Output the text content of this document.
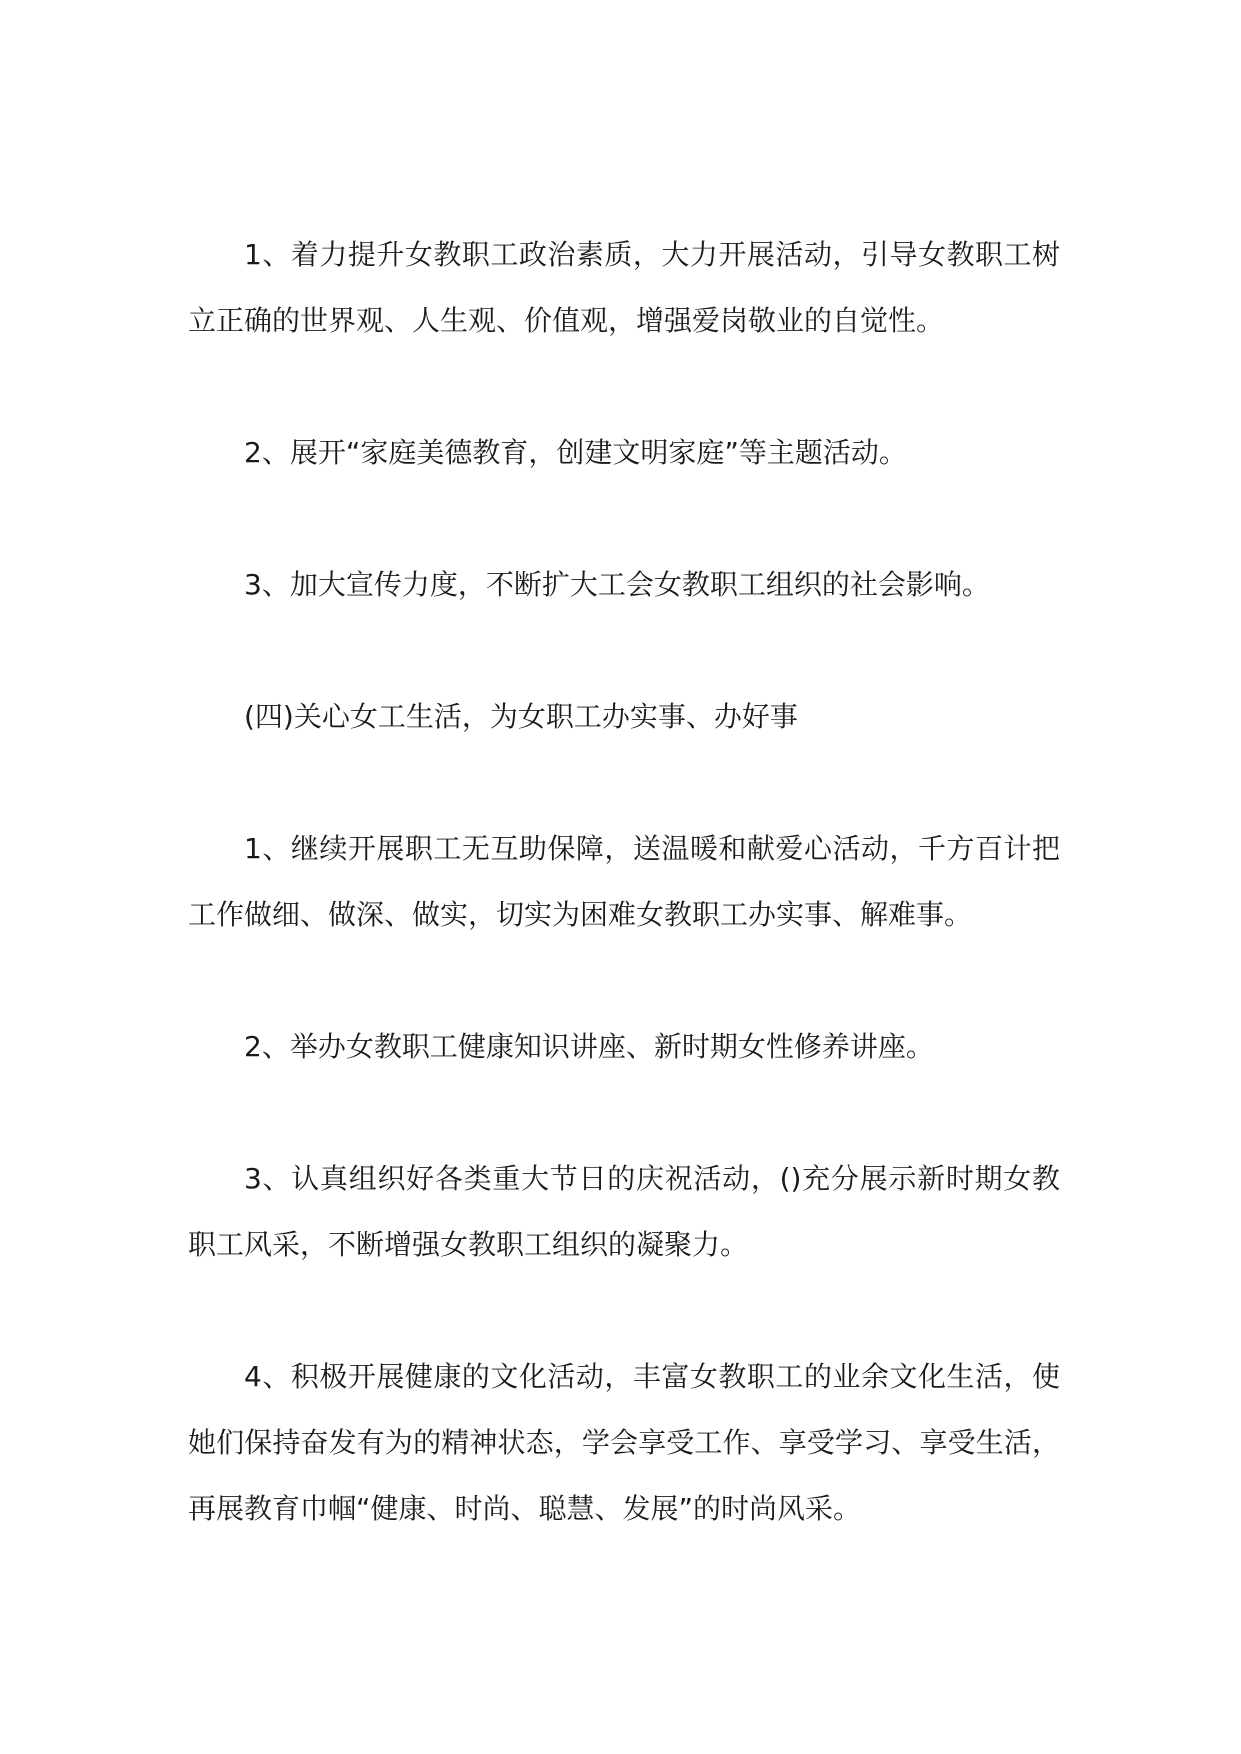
1、着力提升女教职工政治素质，大力开展活动，引导女教职工树立正确的世界观、人生观、价值观，增强爱岗敬业的自觉性。

2、展开“家庭美德教育，创建文明家庭”等主题活动。

3、加大宣传力度，不断扩大工会女教职工组织的社会影响。

(四)关心女工生活，为女职工办实事、办好事

1、继续开展职工无互助保障，送温暖和献爱心活动，千方百计把工作做细、做深、做实，切实为困难女教职工办实事、解难事。

2、举办女教职工健康知识讲座、新时期女性修养讲座。

3、认真组织好各类重大节日的庆祝活动，()充分展示新时期女教职工风采，不断增强女教职工组织的凝聚力。

4、积极开展健康的文化活动，丰富女教职工的业余文化生活，使她们保持奋发有为的精神状态，学会享受工作、享受学习、享受生活，再展教育巾帼“健康、时尚、聪慧、发展”的时尚风采。
